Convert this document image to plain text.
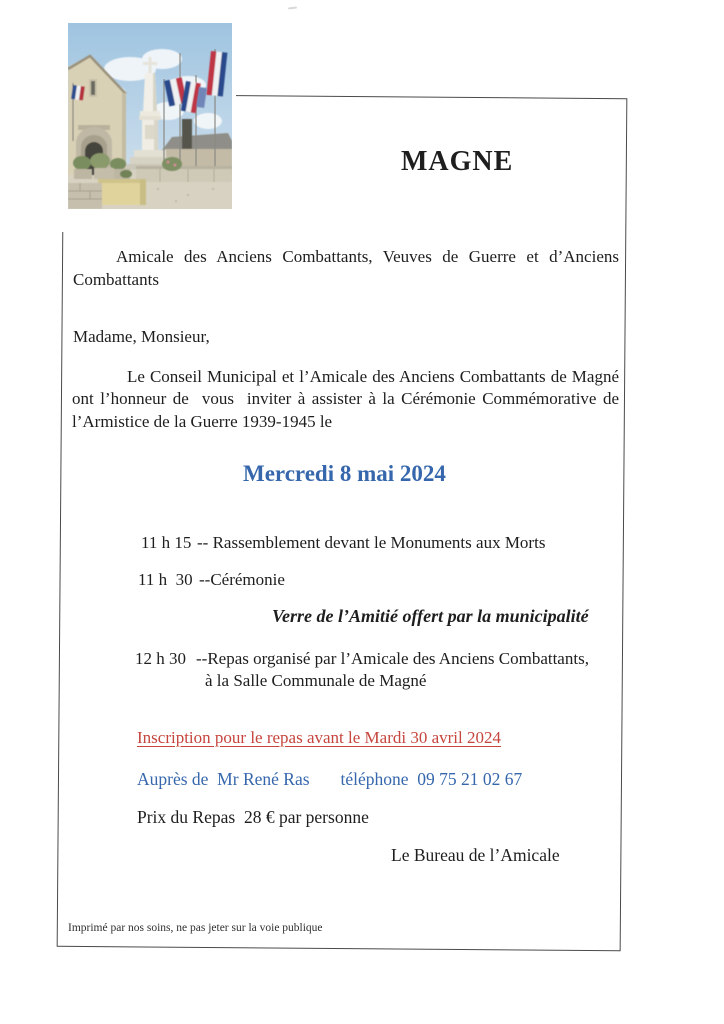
MAGNE
Amicale des Anciens Combattants, Veuves de Guerre et d’Anciens
Combattants
Madame, Monsieur,
Le Conseil Municipal et l’Amicale des Anciens Combattants de Magné
ont l’honneur de  vous  inviter à assister à la Cérémonie Commémorative de
l’Armistice de la Guerre 1939-1945 le
Mercredi 8 mai 2024
11 h 15 -- Rassemblement devant le Monuments aux Morts
11 h  30 --Cérémonie
Verre de l’Amitié offert par la municipalité
12 h 30 --Repas organisé par l’Amicale des Anciens Combattants,
à la Salle Communale de Magné
Inscription pour le repas avant le Mardi 30 avril 2024
Auprès de  Mr René Ras téléphone  09 75 21 02 67
Prix du Repas  28 € par personne
Le Bureau de l’Amicale
Imprimé par nos soins, ne pas jeter sur la voie publique
